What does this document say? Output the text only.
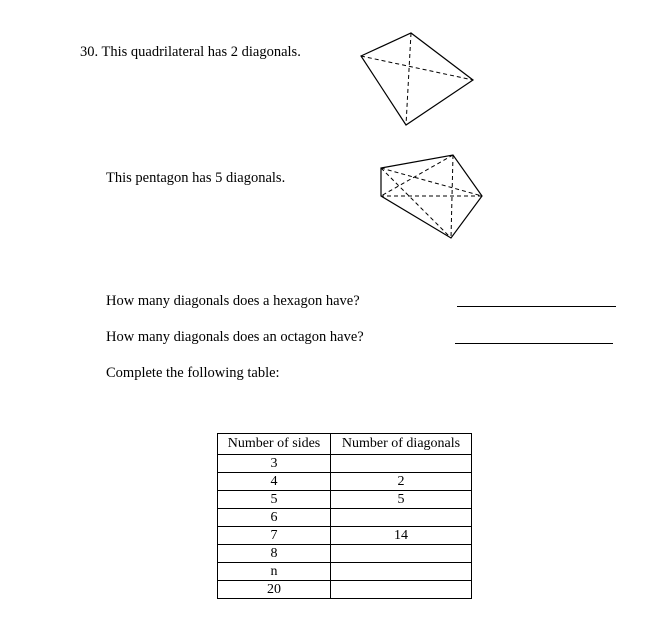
30. This quadrilateral has 2 diagonals.
This pentagon has 5 diagonals.
How many diagonals does a hexagon have?
How many diagonals does an octagon have?
Complete the following table:
Number of sides	Number of diagonals
3	
4	2
5	5
6	
7	14
8	
n	
20	
